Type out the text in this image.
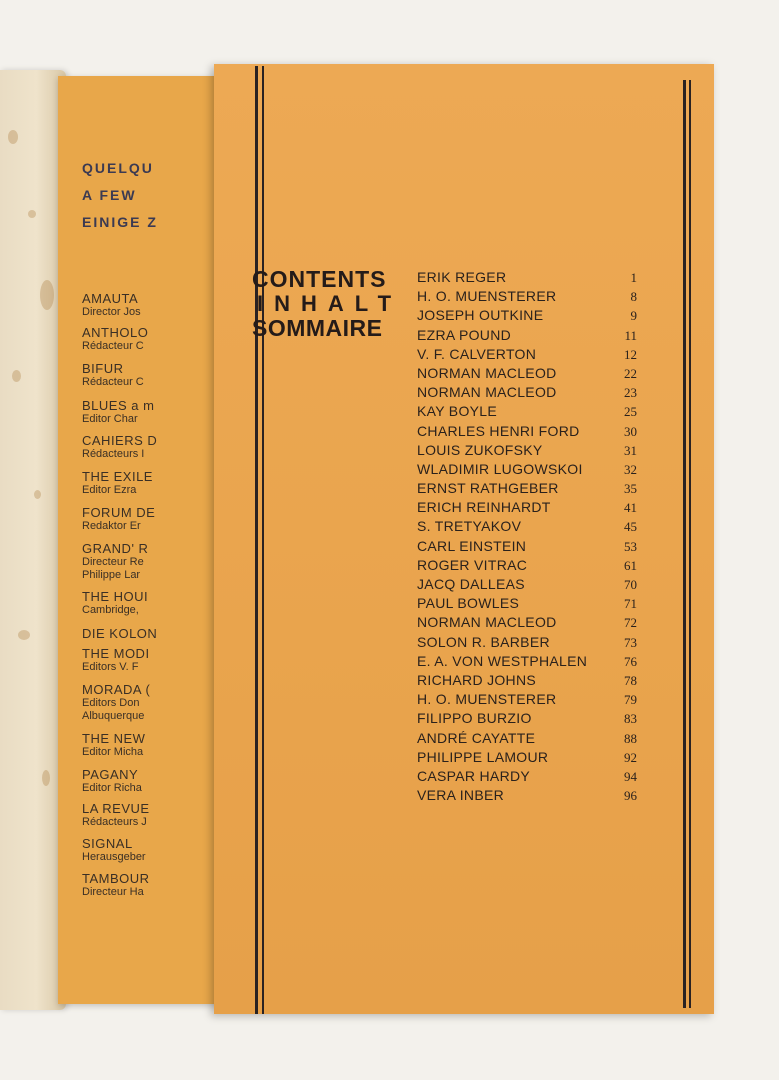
QUELQU
A FEW
EINIGE Z
AMAUTA
Director Jos
ANTHOLO
Rédacteur C
BIFUR
Rédacteur C
BLUES a m
Editor Char
CAHIERS D
Rédacteurs I
THE EXILE
Editor Ezra
FORUM DE
Redaktor Er
GRAND' R
Directeur Re
Philippe Lar
THE HOUI
Cambridge,
DIE KOLON
THE MODI
Editors V. F
MORADA (
Editors Don
Albuquerque
THE NEW
Editor Micha
PAGANY
Editor Richa
LA REVUE
Rédacteurs J
SIGNAL
Herausgeber
TAMBOUR
Directeur Ha
CONTENTS
INHALT
SOMMAIRE
ERIK REGER	1
H. O. MUENSTERER	8
JOSEPH OUTKINE	9
EZRA POUND	11
V. F. CALVERTON	12
NORMAN MACLEOD	22
NORMAN MACLEOD	23
KAY BOYLE	25
CHARLES HENRI FORD	30
LOUIS ZUKOFSKY	31
WLADIMIR LUGOWSKOI	32
ERNST RATHGEBER	35
ERICH REINHARDT	41
S. TRETYAKOV	45
CARL EINSTEIN	53
ROGER VITRAC	61
JACQ DALLEAS	70
PAUL BOWLES	71
NORMAN MACLEOD	72
SOLON R. BARBER	73
E. A. VON WESTPHALEN	76
RICHARD JOHNS	78
H. O. MUENSTERER	79
FILIPPO BURZIO	83
ANDRÉ CAYATTE	88
PHILIPPE LAMOUR	92
CASPAR HARDY	94
VERA INBER	96
